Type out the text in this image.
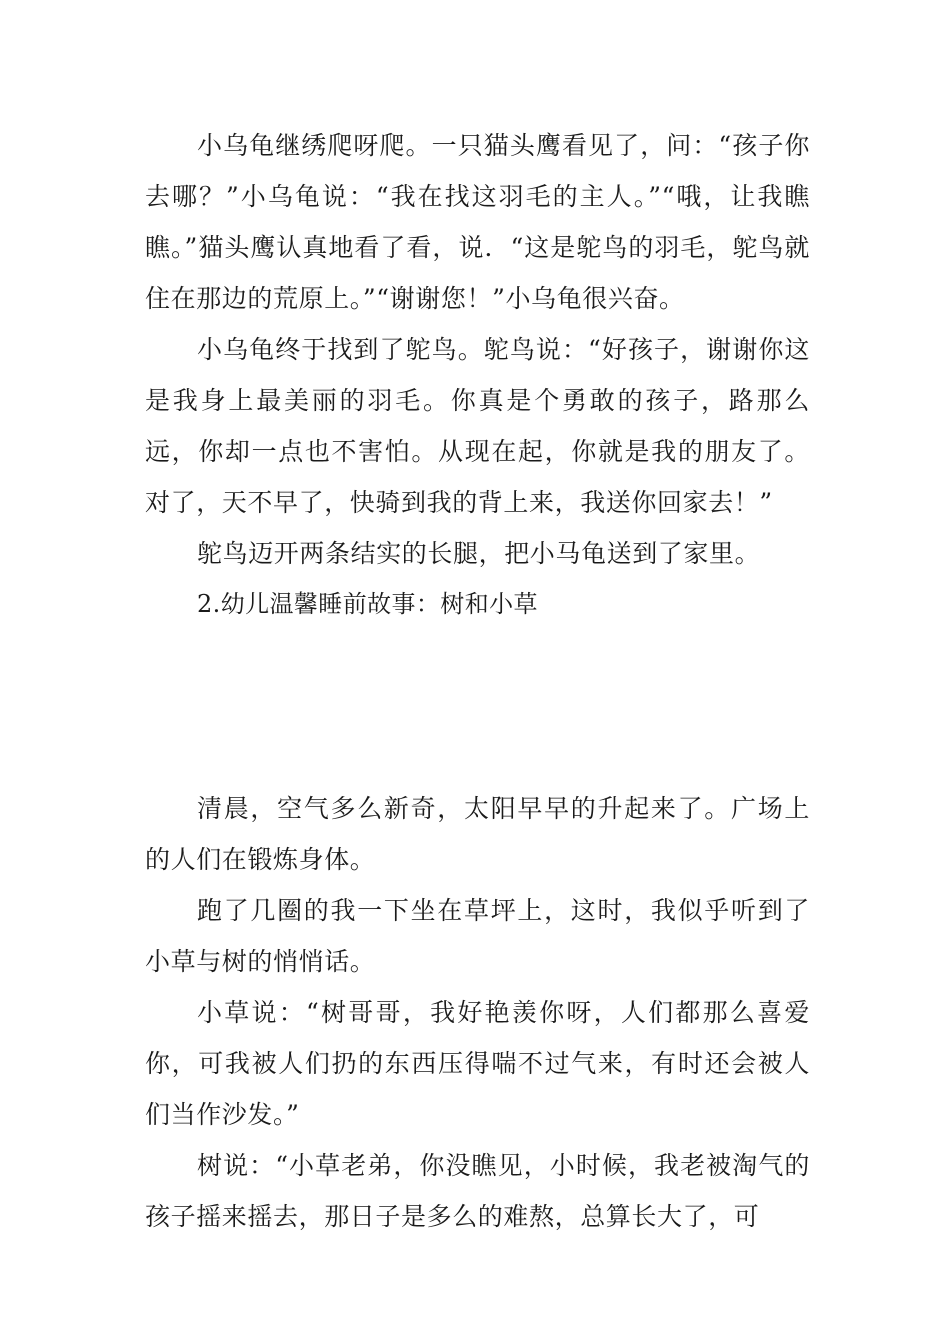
小乌龟继绣爬呀爬。一只猫头鹰看见了，问：“孩子你去哪？”小乌龟说：“我在找这羽毛的主人。”“哦，让我瞧瞧。”猫头鹰认真地看了看，说．“这是鸵鸟的羽毛，鸵鸟就住在那边的荒原上。”“谢谢您！”小乌龟很兴奋。

小乌龟终于找到了鸵鸟。鸵鸟说：“好孩子，谢谢你这是我身上最美丽的羽毛。你真是个勇敢的孩子，路那么远，你却一点也不害怕。从现在起，你就是我的朋友了。对了，天不早了，快骑到我的背上来，我送你回家去！”

鸵鸟迈开两条结实的长腿，把小马龟送到了家里。

2.幼儿温馨睡前故事：树和小草

清晨，空气多么新奇，太阳早早的升起来了。广场上的人们在锻炼身体。

跑了几圈的我一下坐在草坪上，这时，我似乎听到了小草与树的悄悄话。

小草说：“树哥哥，我好艳羡你呀，人们都那么喜爱你，可我被人们扔的东西压得喘不过气来，有时还会被人们当作沙发。”

树说：“小草老弟，你没瞧见，小时候，我老被淘气的孩子摇来摇去，那日子是多么的难熬，总算长大了，可
